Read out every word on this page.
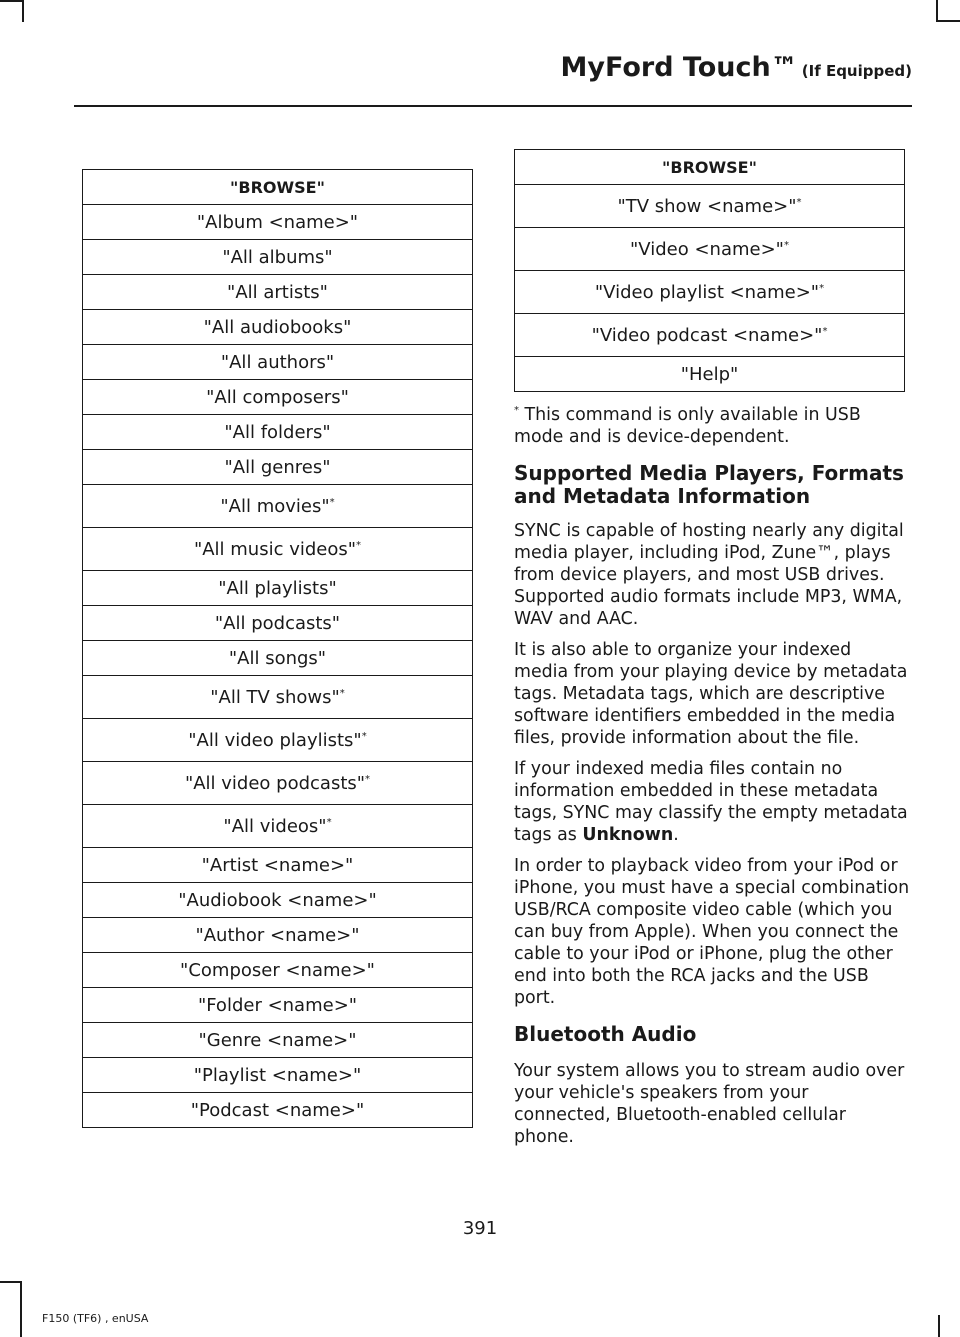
MyFord Touch™ (If Equipped)
"BROWSE"
"Album <name>"
"All albums"
"All artists"
"All audiobooks"
"All authors"
"All composers"
"All folders"
"All genres"
"All movies"*
"All music videos"*
"All playlists"
"All podcasts"
"All songs"
"All TV shows"*
"All video playlists"*
"All video podcasts"*
"All videos"*
"Artist <name>"
"Audiobook <name>"
"Author <name>"
"Composer <name>"
"Folder <name>"
"Genre <name>"
"Playlist <name>"
"Podcast <name>"
"BROWSE"
"TV show <name>"*
"Video <name>"*
"Video playlist <name>"*
"Video podcast <name>"*
"Help"

* This command is only available in USB mode and is device-dependent.

Supported Media Players, Formats and Metadata Information

SYNC is capable of hosting nearly any digital media player, including iPod, Zune™, plays from device players, and most USB drives. Supported audio formats include MP3, WMA, WAV and AAC.

It is also able to organize your indexed media from your playing device by metadata tags. Metadata tags, which are descriptive software identifiers embedded in the media files, provide information about the file.

If your indexed media files contain no information embedded in these metadata tags, SYNC may classify the empty metadata tags as Unknown.

In order to playback video from your iPod or iPhone, you must have a special combination USB/RCA composite video cable (which you can buy from Apple). When you connect the cable to your iPod or iPhone, plug the other end into both the RCA jacks and the USB port.

Bluetooth Audio

Your system allows you to stream audio over your vehicle's speakers from your connected, Bluetooth-enabled cellular phone.

391
F150 (TF6) , enUSA
